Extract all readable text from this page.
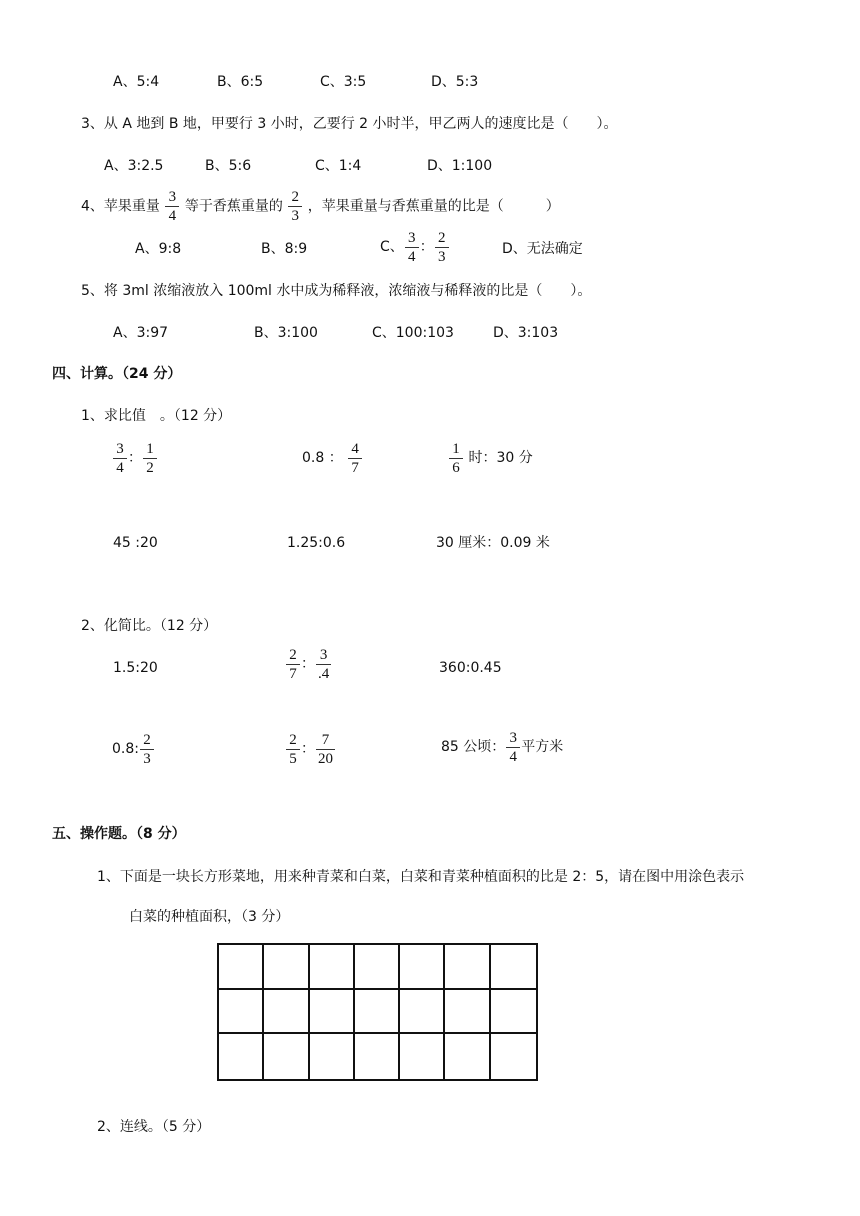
A、5:4	B、6:5	C、3:5	D、5:3
3、从 A 地到 B 地，甲要行 3 小时，乙要行 2 小时半，甲乙两人的速度比是（　　）。
A、3:2.5	B、5:6	C、1:4	D、1:100
4、苹果重量 $\frac{3}{4}$ 等于香蕉重量的 $\frac{2}{3}$ ，苹果重量与香蕉重量的比是（　　　）
A、9:8	B、8:9	C、 $\frac{3}{4}$ ： $\frac{2}{3}$	D、无法确定
5、将 3ml 浓缩液放入 100ml 水中成为稀释液，浓缩液与稀释液的比是（　　）。
A、3:97	B、3:100	C、100:103	D、3:103
四、计算。（24 分）
1、求比值　。（12 分）
$\frac{3}{4}$ ： $\frac{1}{2}$	0.8 ： $\frac{4}{7}$	$\frac{1}{6}$ 时：30 分
45 :20	1.25:0.6	30 厘米：0.09 米
2、化简比。（12 分）
1.5:20	$\frac{2}{7}$ ： $\frac{3}{.4}$	360:0.45
0.8: $\frac{2}{3}$	$\frac{2}{5}$ ： $\frac{7}{20}$	85 公顷： $\frac{3}{4}$ 平方米
五、操作题。（8 分）
1、下面是一块长方形菜地，用来种青菜和白菜，白菜和青菜种植面积的比是 2：5，请在图中用涂色表示
白菜的种植面积，（3 分）
2、连线。（5 分）
